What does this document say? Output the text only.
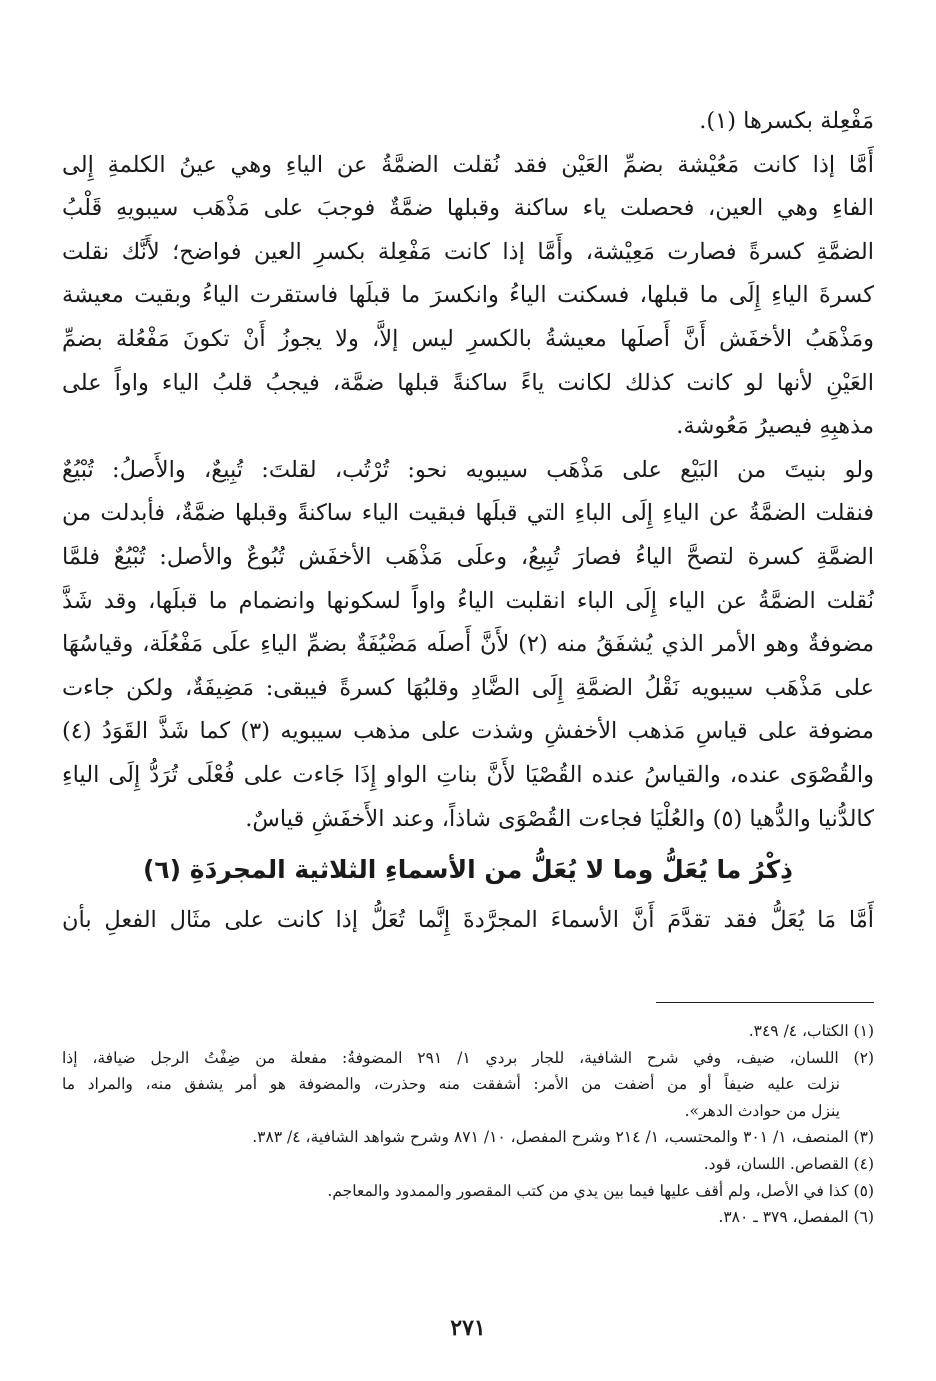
مَفْعِلة بكسرها (١).
أَمَّا إذا كانت مَعُيْشة بضمِّ العَيْن فقد نُقلت الضمَّةُ عن الياءِ وهي عينُ الكلمةِ إِلى
الفاءِ وهي العين، فحصلت ياء ساكنة وقبلها ضمَّةٌ فوجبَ على مَذْهَب سيبويهِ قَلْبُ
الضمَّةِ كسرةً فصارت مَعِيْشة، وأَمَّا إذا كانت مَفْعِلة بكسرِ العين فواضح؛ لأَنَّك نقلت
كسرةَ الياءِ إِلَى ما قبلها، فسكنت الياءُ وانكسرَ ما قبلَها فاستقرت الياءُ وبقيت معيشة
ومَذْهَبُ الأخفَش أَنَّ أَصلَها معيشةُ بالكسرِ ليس إلاَّ، ولا يجوزُ أَنْ تكونَ مَفْعُلة بضمِّ
العَيْنِ لأنها لو كانت كذلك لكانت ياءً ساكنةً قبلها ضمَّة، فيجبُ قلبُ الياء واواً على
مذهبِهِ فيصيرُ مَعُوشة.
ولو بنيتَ من البَيْع على مَذْهَب سيبويه نحو: تُرْتُب، لقلتَ: تُبِيعٌ، والأَصلُ: تُبْيُعٌ
فنقلت الضمَّةُ عن الياءِ إِلَى الباءِ التي قبلَها فبقيت الياء ساكنةً وقبلها ضمَّةٌ، فأبدلت من
الضمَّةِ كسرة لتصحَّ الياءُ فصارَ تُبِيعُ، وعلَى مَذْهَب الأخفَش تُبُوعٌ والأصل: تُبْيُعٌ فلمَّا
نُقلت الضمَّةُ عن الياء إِلَى الباء انقلبت الياءُ واواً لسكونها وانضمام ما قبلَها، وقد شَذَّ
مضوفةٌ وهو الأمر الذي يُشفَقُ منه (٢) لأَنَّ أَصلَه مَضْيُفَةٌ بضمِّ الياءِ علَى مَفْعُلَة، وقياسُهَا
على مَذْهَب سيبويه نَقْلُ الضمَّةِ إِلَى الضَّادِ وقلبُهَا كسرةً فيبقى: مَضِيفَةٌ، ولكن جاءت
مضوفة على قياسِ مَذهب الأخفشِ وشذت على مذهب سيبويه (٣) كما شَذَّ القَوَدُ (٤)
والقُصْوَى عنده، والقياسُ عنده القُصْيَا لأَنَّ بناتِ الواو إِذَا جَاءت على فُعْلَى تُرَدُّ إِلَى الياءِ
كالدُّنيا والدُّهيا (٥) والعُلْيَا فجاءت القُصْوَى شاذاً، وعند الأَخفَشِ قياسٌ.
ذِكْرُ ما يُعَلُّ وما لا يُعَلُّ من الأسماءِ الثلاثية المجردَةِ (٦)
أَمَّا مَا يُعَلُّ فقد تقدَّمَ أَنَّ الأسماءَ المجرَّدةَ إِنَّما تُعَلُّ إذا كانت على مثَال الفعلِ بأن
(١) الكتاب، ٤/ ٣٤٩.
(٢) اللسان، ضيف، وفي شرح الشافية، للجار بردي ١/ ٢٩١ المضوفةُ: مفعلة من ضِفْتُ الرجل ضيافة، إذا
نزلت عليه ضيفاً أو من أضفت من الأمر: أشفقت منه وحذرت، والمضوفة هو أمر يشفق منه، والمراد ما
ينزل من حوادث الدهر».
(٣) المنصف، ١/ ٣٠١ والمحتسب، ١/ ٢١٤ وشرح المفصل، ١٠/ ٨٧١ وشرح شواهد الشافية، ٤/ ٣٨٣.
(٤) القصاص. اللسان، قود.
(٥) كذا في الأصل، ولم أقف عليها فيما بين يدي من كتب المقصور والممدود والمعاجم.
(٦) المفصل، ٣٧٩ ـ ٣٨٠.
٢٧١
